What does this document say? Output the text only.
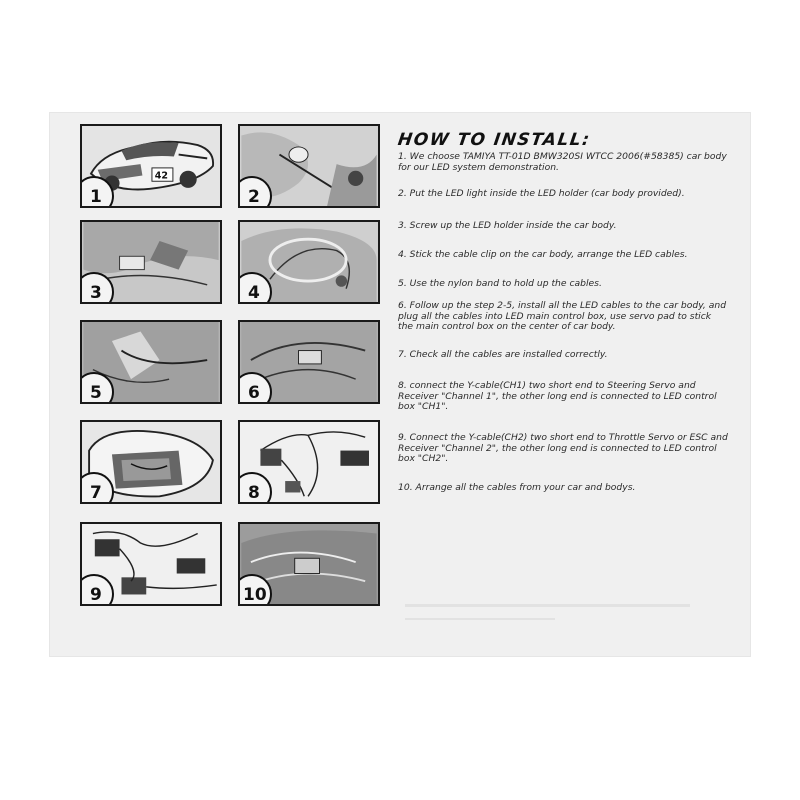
42
1	2
3	4
5	6
7	8
9	10

HOW TO INSTALL:

1. We choose TAMIYA TT-01D BMW320SI WTCC 2006(#58385) car body for our LED system demonstration.

2. Put the LED light inside the LED holder (car body provided).

3. Screw up the LED holder inside the car body.

4. Stick the cable clip on the car body, arrange the LED cables.

5. Use the nylon band to hold up the cables.

6. Follow up the step 2-5, install all the LED cables to the car body, and plug all the cables into LED main control box, use servo pad to stick the main control box on the center of car body.

7. Check all the cables are installed correctly.

8. connect the Y-cable(CH1) two short end to Steering Servo and Receiver "Channel 1", the other long end is connected to LED control box "CH1".

9. Connect the Y-cable(CH2) two short end to Throttle Servo or ESC and Receiver "Channel 2", the other long end is connected to LED control box "CH2".

10. Arrange all the cables from your car and bodys.
